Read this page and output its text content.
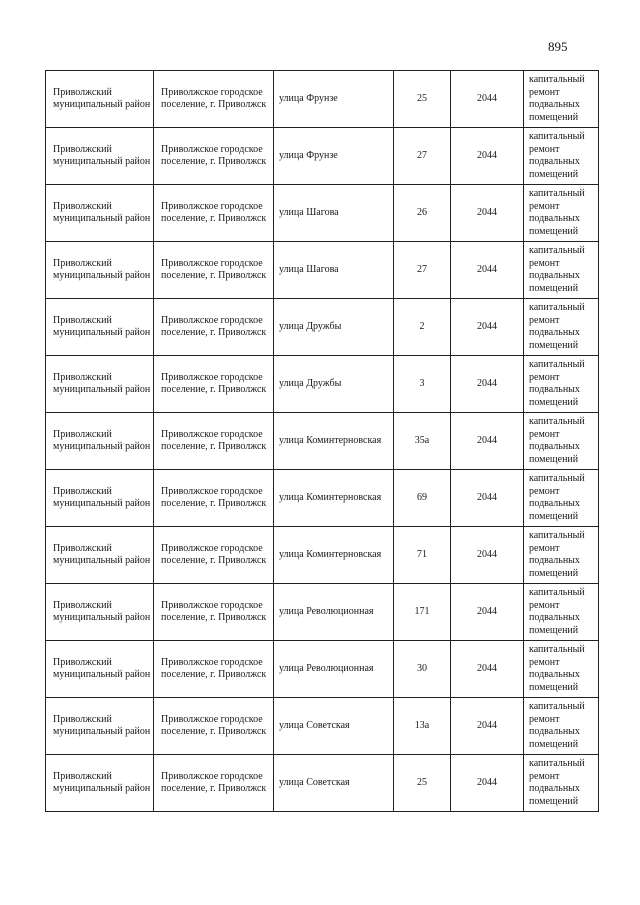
895
Приволжский муниципальный район	Приволжское городское поселение, г. Приволжск	улица Фрунзе	25	2044	капитальный ремонт подвальных помещений
Приволжский муниципальный район	Приволжское городское поселение, г. Приволжск	улица Фрунзе	27	2044	капитальный ремонт подвальных помещений
Приволжский муниципальный район	Приволжское городское поселение, г. Приволжск	улица Шагова	26	2044	капитальный ремонт подвальных помещений
Приволжский муниципальный район	Приволжское городское поселение, г. Приволжск	улица Шагова	27	2044	капитальный ремонт подвальных помещений
Приволжский муниципальный район	Приволжское городское поселение, г. Приволжск	улица Дружбы	2	2044	капитальный ремонт подвальных помещений
Приволжский муниципальный район	Приволжское городское поселение, г. Приволжск	улица Дружбы	3	2044	капитальный ремонт подвальных помещений
Приволжский муниципальный район	Приволжское городское поселение, г. Приволжск	улица Коминтерновская	35а	2044	капитальный ремонт подвальных помещений
Приволжский муниципальный район	Приволжское городское поселение, г. Приволжск	улица Коминтерновская	69	2044	капитальный ремонт подвальных помещений
Приволжский муниципальный район	Приволжское городское поселение, г. Приволжск	улица Коминтерновская	71	2044	капитальный ремонт подвальных помещений
Приволжский муниципальный район	Приволжское городское поселение, г. Приволжск	улица Революционная	171	2044	капитальный ремонт подвальных помещений
Приволжский муниципальный район	Приволжское городское поселение, г. Приволжск	улица Революционная	30	2044	капитальный ремонт подвальных помещений
Приволжский муниципальный район	Приволжское городское поселение, г. Приволжск	улица Советская	13а	2044	капитальный ремонт подвальных помещений
Приволжский муниципальный район	Приволжское городское поселение, г. Приволжск	улица Советская	25	2044	капитальный ремонт подвальных помещений
